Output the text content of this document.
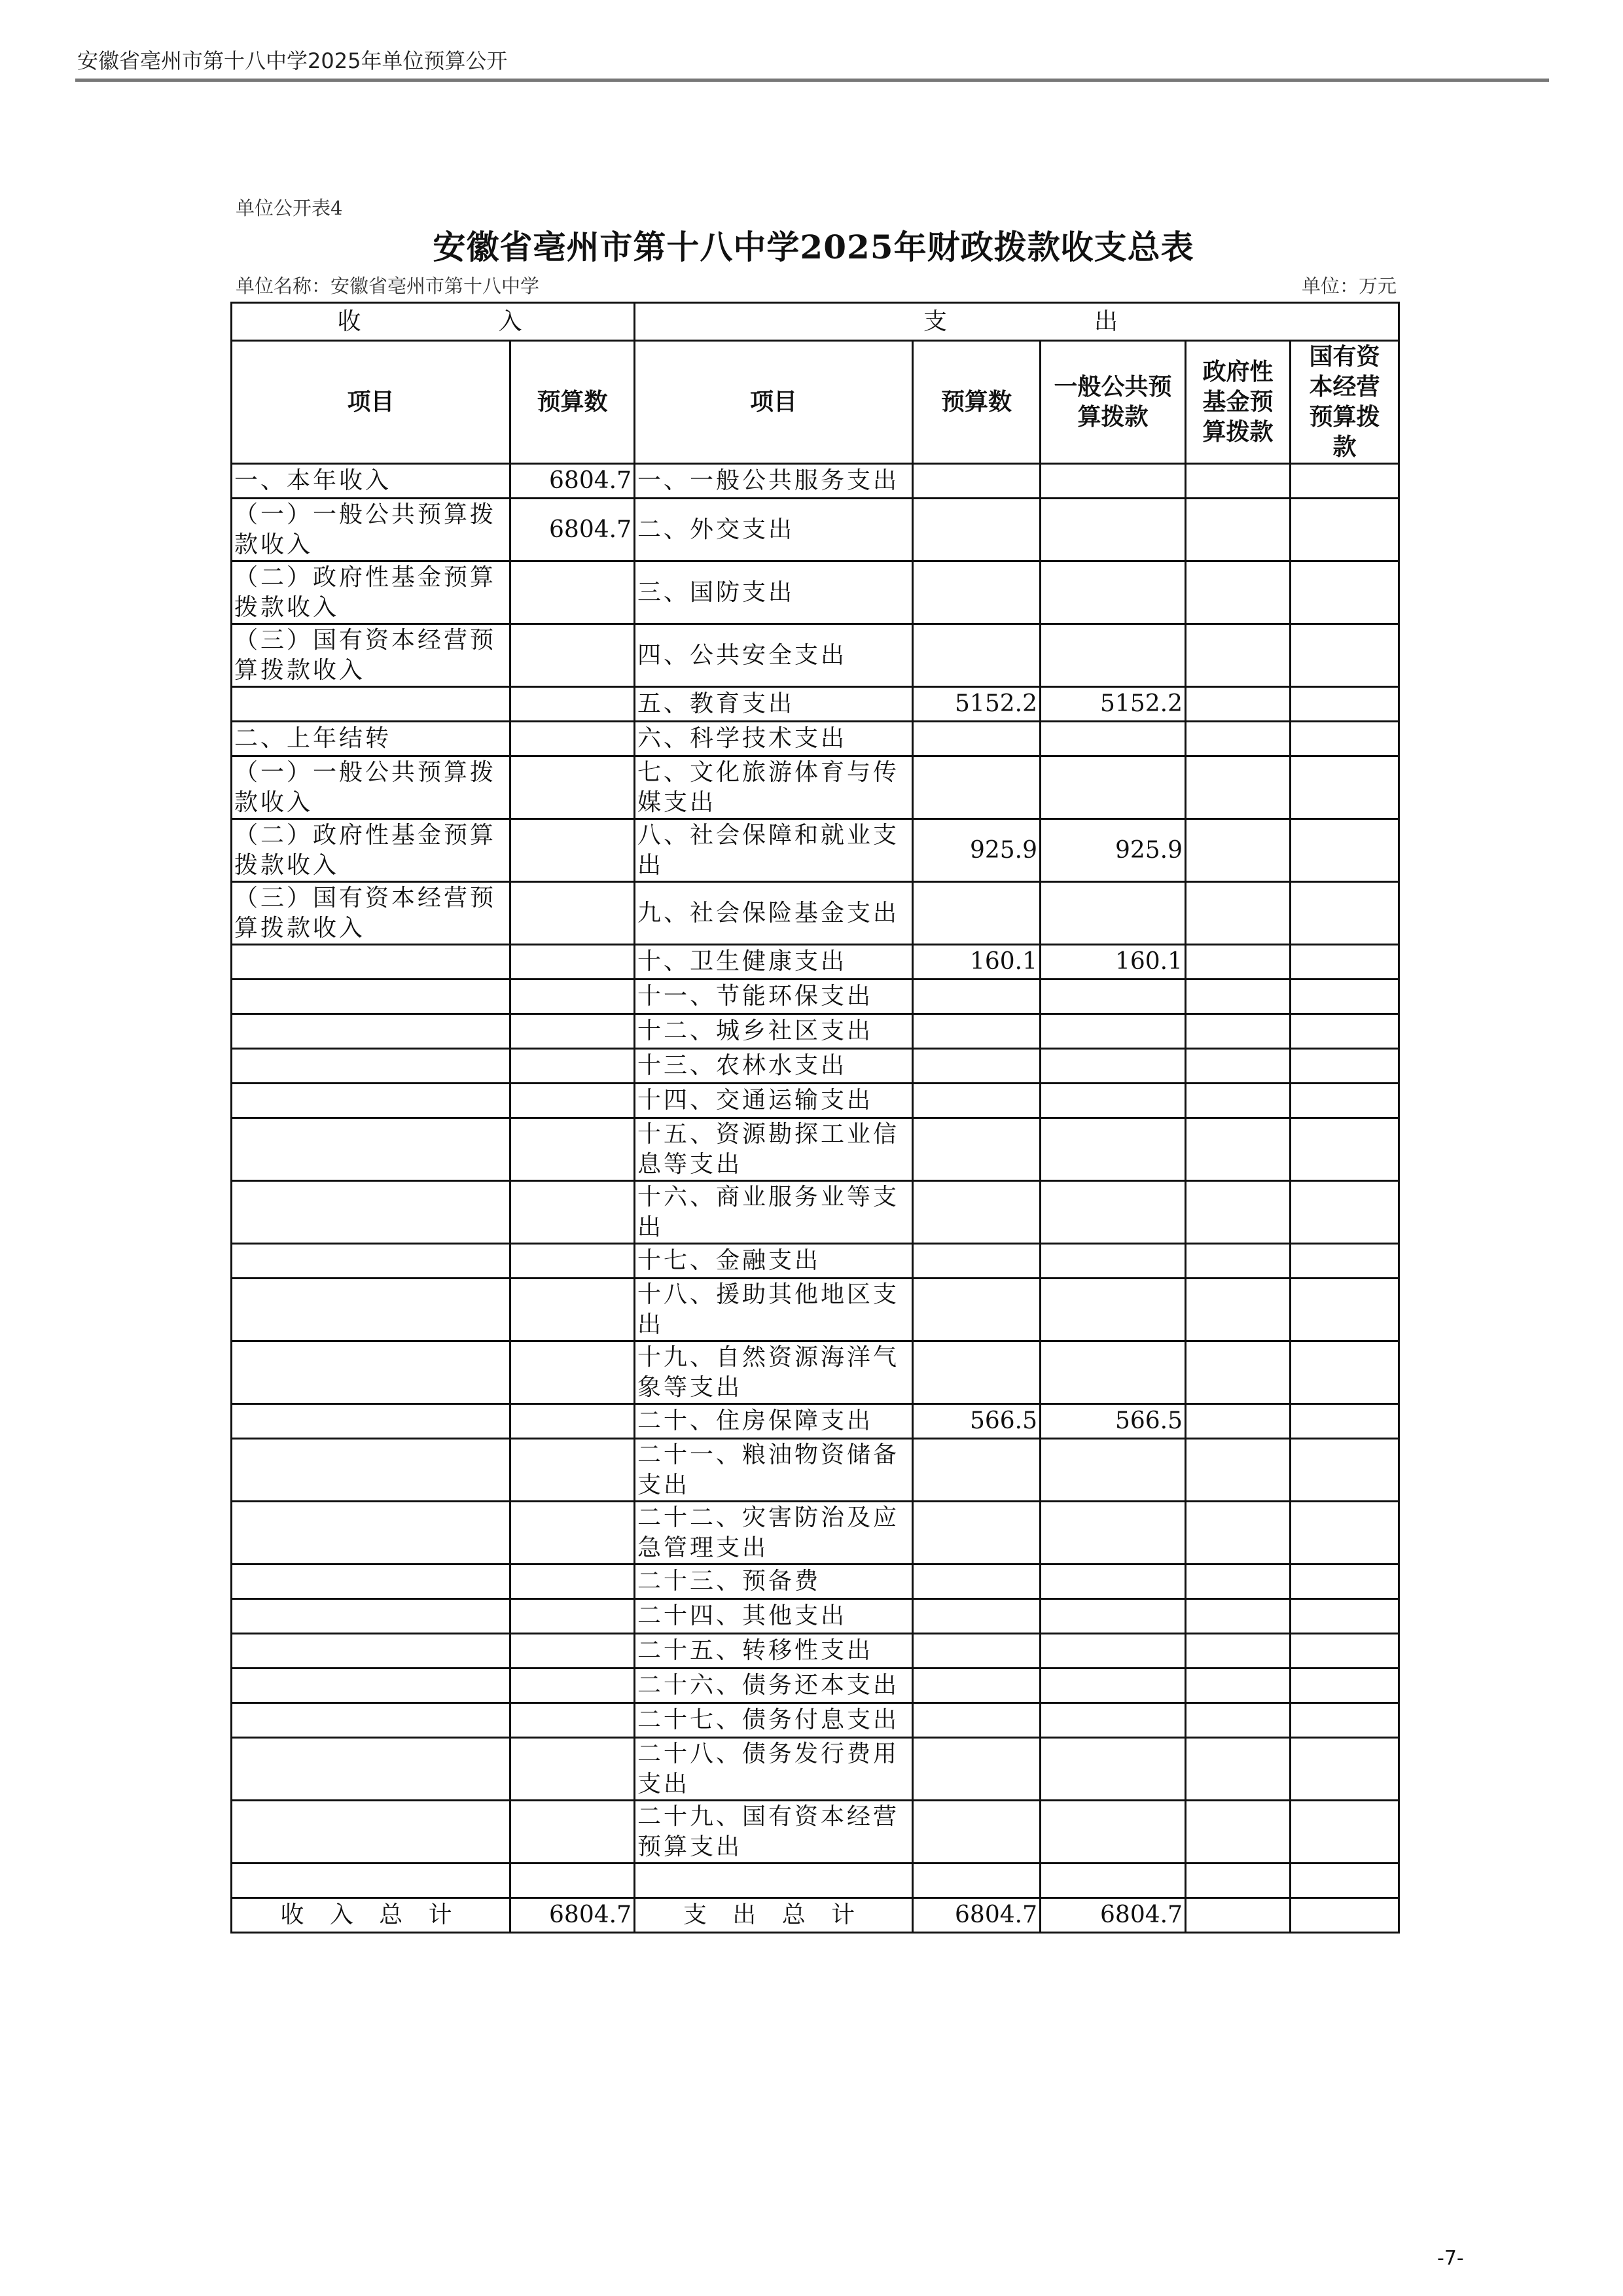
安徽省亳州市第十八中学2025年单位预算公开
单位公开表4
安徽省亳州市第十八中学2025年财政拨款收支总表
单位名称：安徽省亳州市第十八中学	单位：万元
收 入		支 出				
项目	预算数	项目	预算数	一般公共预算拨款	政府性基金预算拨款	国有资本经营预算拨款
一、本年收入	6804.7	一、一般公共服务支出				
（一）一般公共预算拨款收入	6804.7	二、外交支出				
（二）政府性基金预算拨款收入		三、国防支出				
（三）国有资本经营预算拨款收入		四、公共安全支出				
		五、教育支出	5152.2	5152.2		
二、上年结转		六、科学技术支出				
（一）一般公共预算拨款收入		七、文化旅游体育与传媒支出				
（二）政府性基金预算拨款收入		八、社会保障和就业支出	925.9	925.9		
（三）国有资本经营预算拨款收入		九、社会保险基金支出				
		十、卫生健康支出	160.1	160.1		
		十一、节能环保支出				
		十二、城乡社区支出				
		十三、农林水支出				
		十四、交通运输支出				
		十五、资源勘探工业信息等支出				
		十六、商业服务业等支出				
		十七、金融支出				
		十八、援助其他地区支出				
		十九、自然资源海洋气象等支出				
		二十、住房保障支出	566.5	566.5		
		二十一、粮油物资储备支出				
		二十二、灾害防治及应急管理支出				
		二十三、预备费				
		二十四、其他支出				
		二十五、转移性支出				
		二十六、债务还本支出				
		二十七、债务付息支出				
		二十八、债务发行费用支出				
		二十九、国有资本经营预算支出				

收 入 总 计	6804.7	支 出 总 计	6804.7	6804.7		
-7-
